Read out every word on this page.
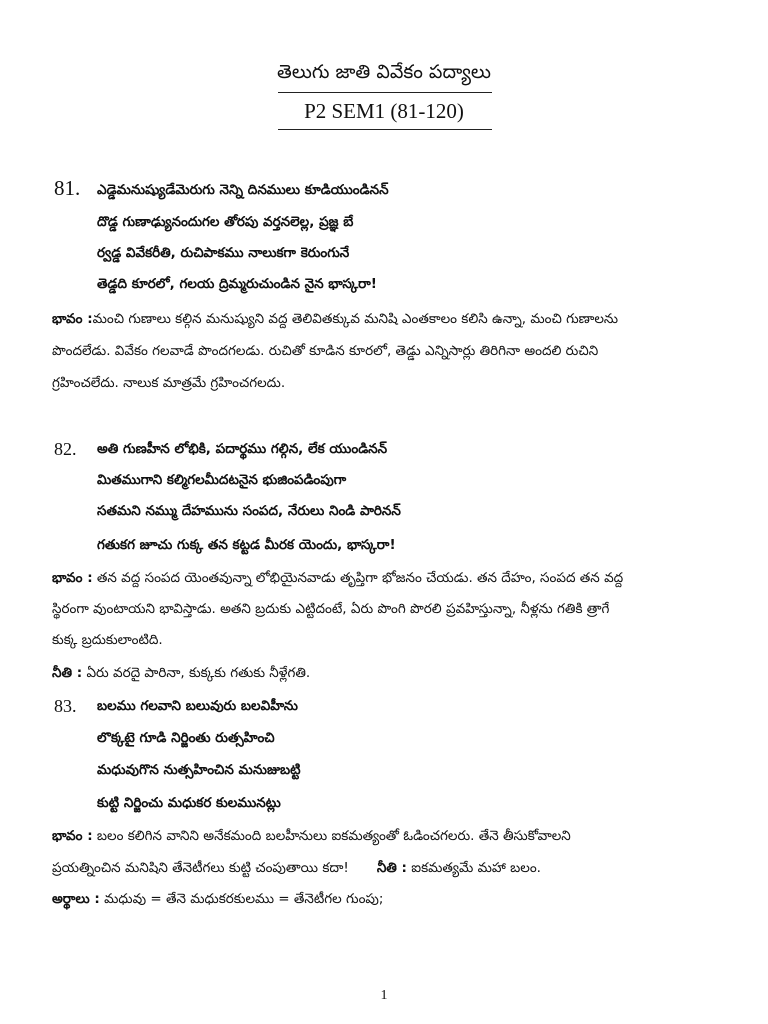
తెలుగు జాతి వివేకం పద్యాలు
P2 SEM1 (81-120)
81. ఎడ్డెమనుష్యుడేమెరుగు నెన్ని దినములు కూడియుండినన్
దొడ్డ గుణాఢ్యునందుగల తోరపు వర్తనలెల్ల, ప్రజ్ఞ బే
ర్వడ్డ వివేకరీతి, రుచిపాకము నాలుకగా కెరుంగునే
తెడ్డది కూరలో, గలయ ద్రిమ్మరుచుండిన నైన భాస్కరా!
భావం :మంచి గుణాలు కల్గిన మనుష్యుని వద్ద తెలివితక్కువ మనిషి ఎంతకాలం కలిసి ఉన్నా, మంచి గుణాలను
పొందలేడు. వివేకం గలవాడే పొందగలడు. రుచితో కూడిన కూరలో, తెడ్డు ఎన్నిసార్లు తిరిగినా అందలి రుచిని
గ్రహించలేదు. నాలుక మాత్రమే గ్రహించగలదు.
82. అతి గుణహీన లోభికి, పదార్థము గల్గిన, లేక యుండినన్
మితముగాని కల్మిగలమీదటనైన భుజింపడింపుగా
సతమని నమ్ము దేహమును సంపద, నేరులు నిండి పారినన్
గతుకగ జూచు గుక్క తన కట్టడ మీరక యెందు, భాస్కరా!
భావం : తన వద్ద సంపద యెంతవున్నా లోభియైనవాడు తృప్తిగా భోజనం చేయడు. తన దేహం, సంపద తన వద్ద
స్థిరంగా వుంటాయని భావిస్తాడు. అతని బ్రదుకు ఎట్టిదంటే, ఏరు పొంగి పొరలి ప్రవహిస్తున్నా, నీళ్లను గతికి త్రాగే
కుక్క బ్రదుకులాంటిది.
నీతి : ఏరు వరదై పారినా, కుక్కకు గతుకు నీళ్లేగతి.
83. బలము గలవాని బలువురు బలవిహీను
లొక్కటై గూడి నిర్జింతు రుత్సహించి
మధువుగొన నుత్సహించిన మనుజుబట్టి
కుట్టి నిర్జించు మధుకర కులమునట్లు
భావం : బలం కలిగిన వానిని అనేకమంది బలహీనులు ఐకమత్యంతో ఓడించగలరు. తేనె తీసుకోవాలని
ప్రయత్నించిన మనిషిని తేనెటీగలు కుట్టి చంపుతాయి కదా! నీతి : ఐకమత్యమే మహా బలం.
అర్థాలు : మధువు = తేనె మధుకరకులము = తేనెటీగల గుంపు;
1
